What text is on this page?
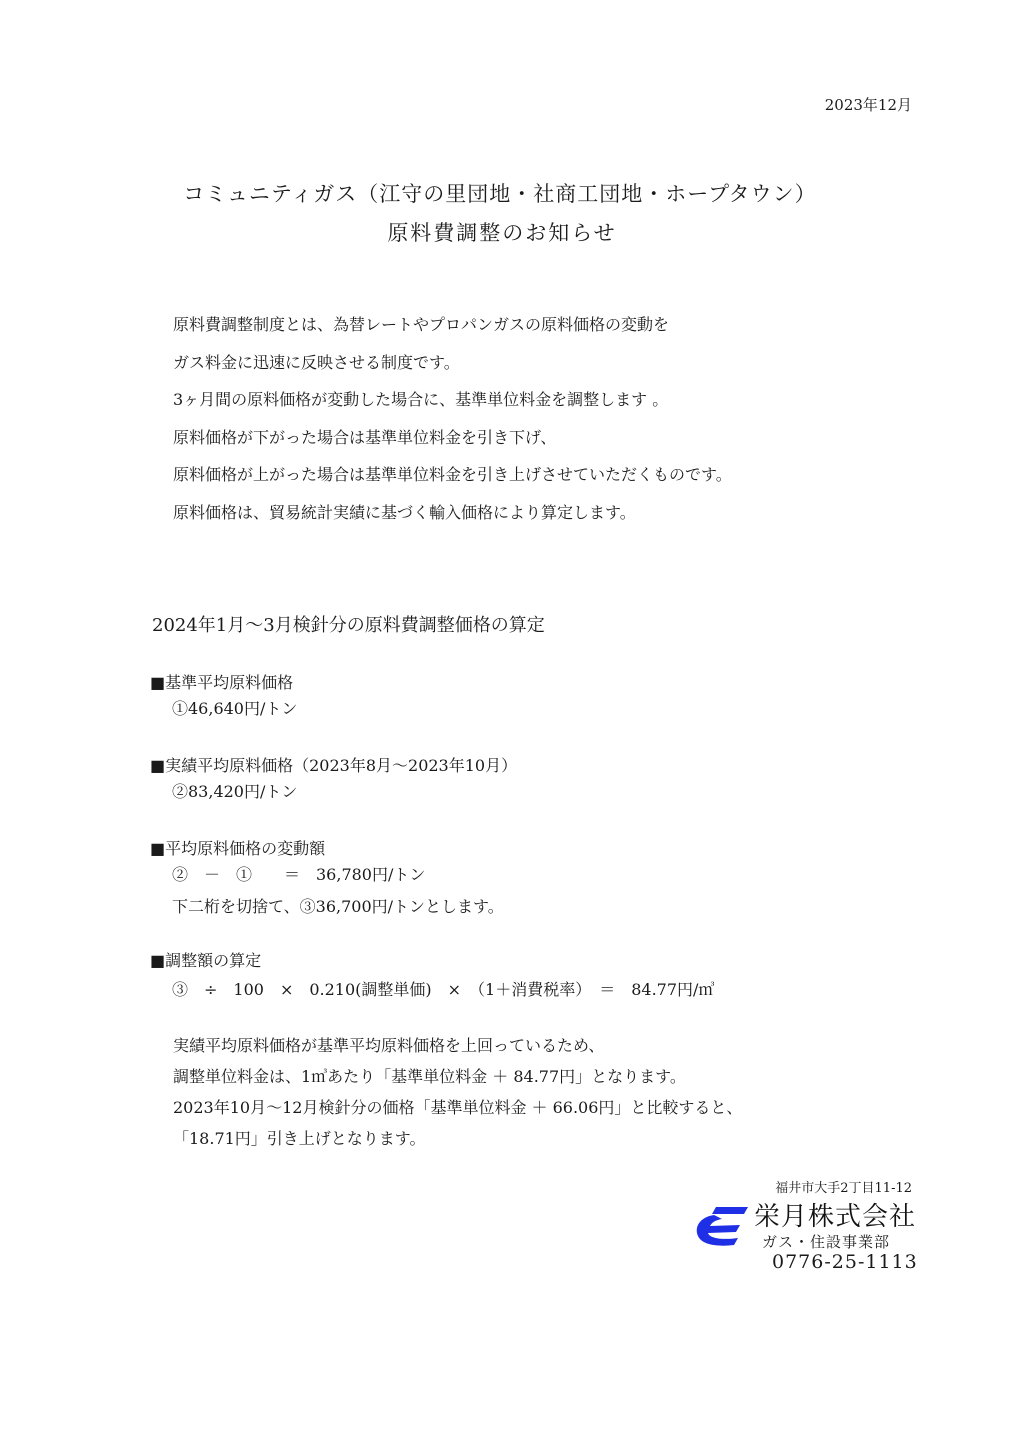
2023年12月
コミュニティガス（江守の里団地・社商工団地・ホープタウン）
原料費調整のお知らせ
原料費調整制度とは、為替レートやプロパンガスの原料価格の変動を
ガス料金に迅速に反映させる制度です。
3ヶ月間の原料価格が変動した場合に、基準単位料金を調整します 。
原料価格が下がった場合は基準単位料金を引き下げ、
原料価格が上がった場合は基準単位料金を引き上げさせていただくものです。
原料価格は、貿易統計実績に基づく輸入価格により算定します。
2024年1月～3月検針分の原料費調整価格の算定
■基準平均原料価格
①46,640円/トン
■実績平均原料価格（2023年8月～2023年10月）
②83,420円/トン
■平均原料価格の変動額
②　－　①　　＝　36,780円/トン
下二桁を切捨て、③36,700円/トンとします。
■調整額の算定
③　÷　100　×　0.210(調整単価)　×　（1＋消費税率）　＝　84.77円/㎥
実績平均原料価格が基準平均原料価格を上回っているため、
調整単位料金は、1㎥あたり「基準単位料金 ＋ 84.77円」となります。
2023年10月～12月検針分の価格「基準単位料金 ＋ 66.06円」と比較すると、
「18.71円」引き上げとなります。
福井市大手2丁目11-12
栄月株式会社
ガス・住設事業部
0776-25-1113
